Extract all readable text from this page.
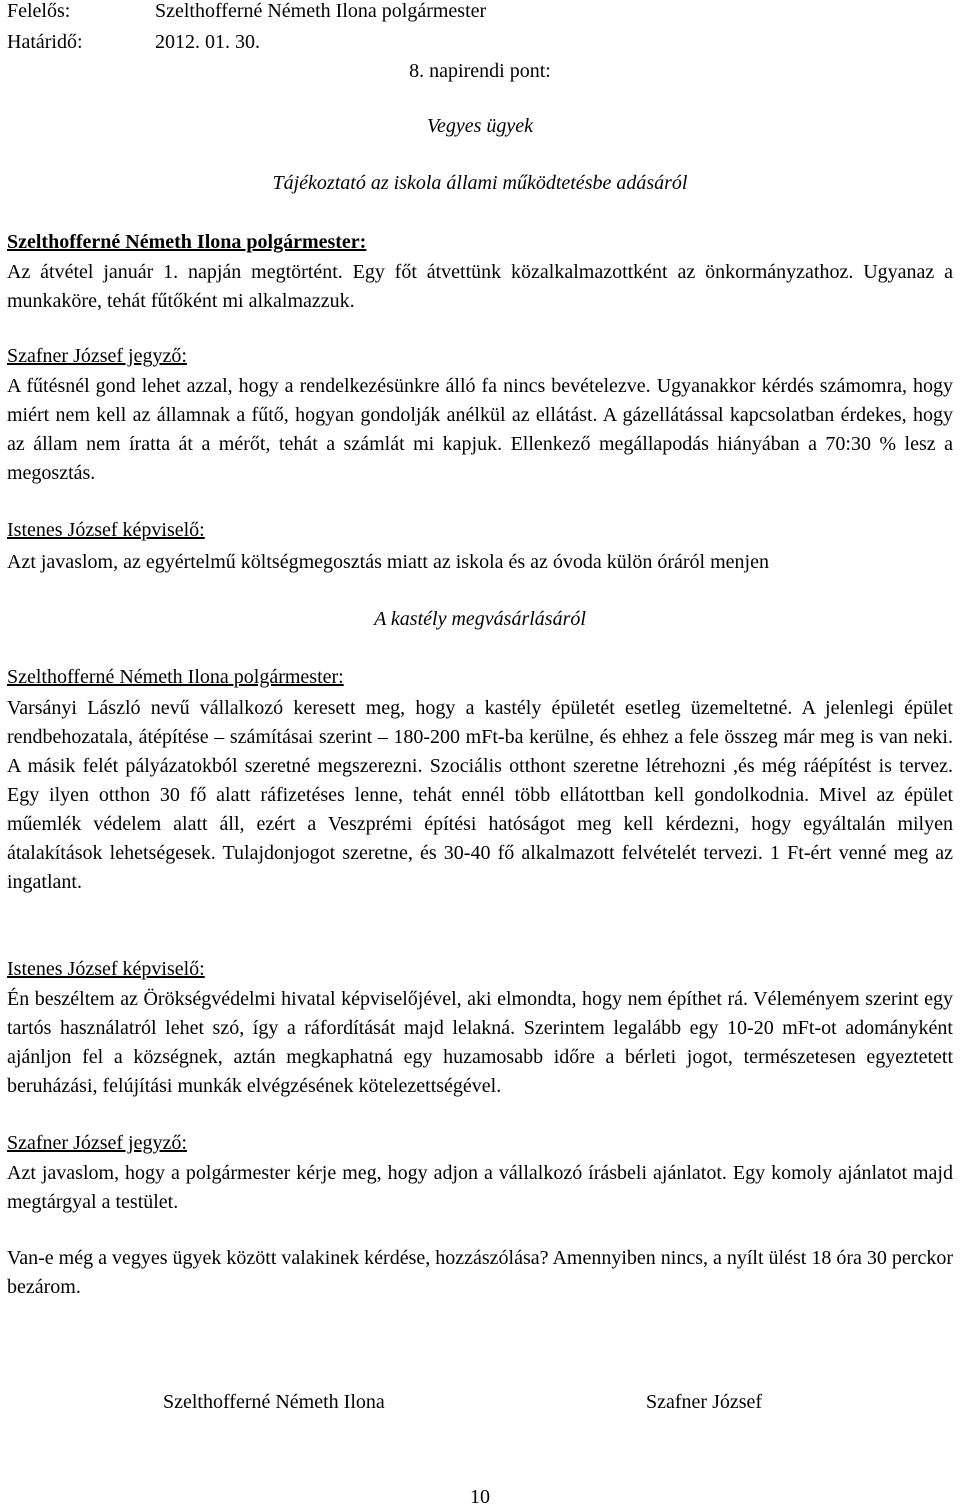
Felelős:	Szelthofferné Németh Ilona polgármester
Határidő:	2012. 01. 30.
8. napirendi pont:
Vegyes ügyek
Tájékoztató az iskola állami működtetésbe adásáról
Szelthofferné Németh Ilona polgármester:

Az átvétel január 1. napján megtörtént. Egy főt átvettünk közalkalmazottként az önkormányzathoz. Ugyanaz a munkaköre, tehát fűtőként mi alkalmazzuk.

Szafner József jegyző:

A fűtésnél gond lehet azzal, hogy a rendelkezésünkre álló fa nincs bevételezve. Ugyanakkor kérdés számomra, hogy miért nem kell az államnak a fűtő, hogyan gondolják anélkül az ellátást. A gázellátással kapcsolatban érdekes, hogy az állam nem íratta át a mérőt, tehát a számlát mi kapjuk. Ellenkező megállapodás hiányában a 70:30 % lesz a megosztás.

Istenes József képviselő:

Azt javaslom, az egyértelmű költségmegosztás miatt az iskola és az óvoda külön óráról menjen

A kastély megvásárlásáról
Szelthofferné Németh Ilona polgármester:

Varsányi László nevű vállalkozó keresett meg, hogy a kastély épületét esetleg üzemeltetné. A jelenlegi épület rendbehozatala, átépítése – számításai szerint – 180-200 mFt-ba kerülne, és ehhez a fele összeg már meg is van neki. A másik felét pályázatokból szeretné megszerezni. Szociális otthont szeretne létrehozni ,és még ráépítést is tervez. Egy ilyen otthon 30 fő alatt ráfizetéses lenne, tehát ennél több ellátottban kell gondolkodnia. Mivel az épület műemlék védelem alatt áll, ezért a Veszprémi építési hatóságot meg kell kérdezni, hogy egyáltalán milyen átalakítások lehetségesek. Tulajdonjogot szeretne, és 30-40 fő alkalmazott felvételét tervezi. 1 Ft-ért venné meg az ingatlant.

Istenes József képviselő:

Én beszéltem az Örökségvédelmi hivatal képviselőjével, aki elmondta, hogy nem építhet rá. Véleményem szerint egy tartós használatról lehet szó, így a ráfordítását majd lelakná. Szerintem legalább egy 10-20 mFt-ot adományként ajánljon fel a községnek, aztán megkaphatná egy huzamosabb időre a bérleti jogot, természetesen egyeztetett beruházási, felújítási munkák elvégzésének kötelezettségével.

Szafner József jegyző:

Azt javaslom, hogy a polgármester kérje meg, hogy adjon a vállalkozó írásbeli ajánlatot. Egy komoly ajánlatot majd megtárgyal a testület.

Van-e még a vegyes ügyek között valakinek kérdése, hozzászólása? Amennyiben nincs, a nyílt ülést 18 óra 30 perckor bezárom.

Szelthofferné Németh Ilona	Szafner József
10
